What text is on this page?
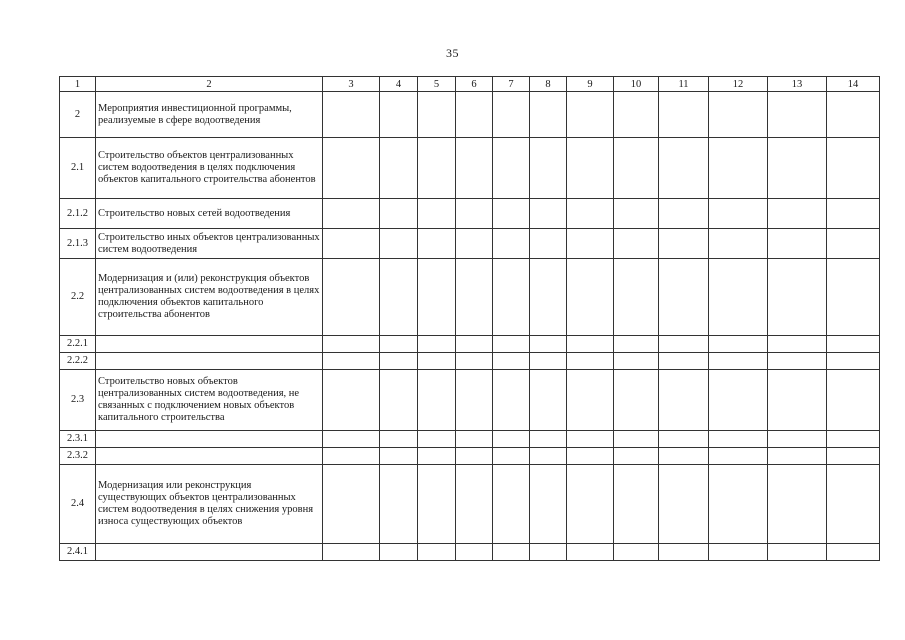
35
1	2	3	4	5	6	7	8	9	10	11	12	13	14
2	Мероприятия инвестиционной программы, реализуемые в сфере водоотведения												
2.1	Строительство объектов централизованных систем водоотведения в целях подключения объектов капитального строительства абонентов												
2.1.2	Строительство новых сетей водоотведения												
2.1.3	Строительство иных объектов централизованных систем водоотведения												
2.2	Модернизация и (или) реконструкция объектов централизованных систем водоотведения в целях подключения объектов капитального строительства абонентов												
2.2.1													
2.2.2													
2.3	Строительство новых объектов централизованных систем водоотведения, не связанных с подключением новых объектов капитального строительства												
2.3.1													
2.3.2													
2.4	Модернизация или реконструкция существующих объектов централизованных систем водоотведения в целях снижения уровня износа существующих объектов												
2.4.1													
